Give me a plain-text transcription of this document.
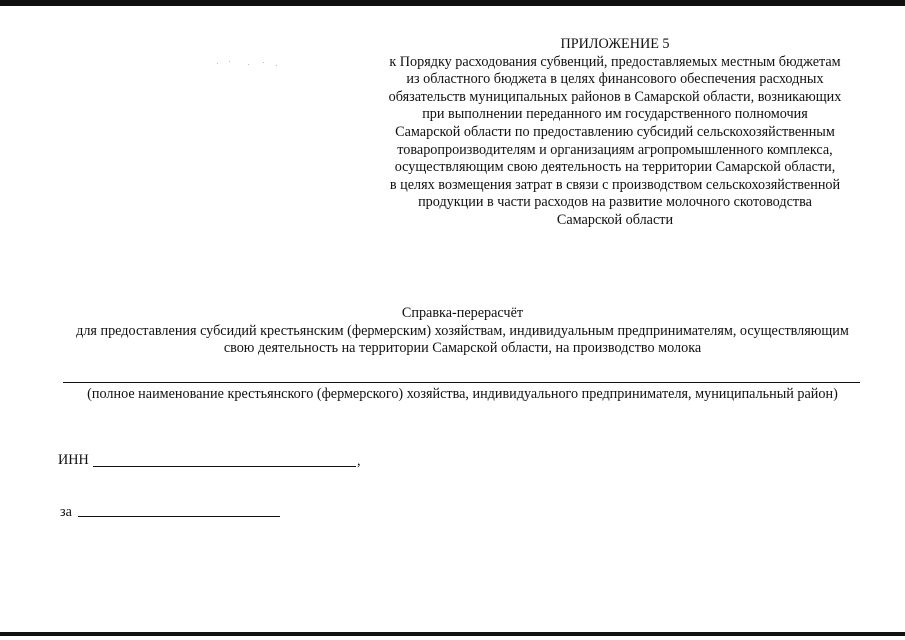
ПРИЛОЖЕНИЕ 5
к Порядку расходования субвенций, предоставляемых местным бюджетам
из областного бюджета в целях финансового обеспечения расходных
обязательств муниципальных районов в Самарской области, возникающих
при выполнении переданного им государственного полномочия
Самарской области по предоставлению субсидий сельскохозяйственным
товаропроизводителям и организациям агропромышленного комплекса,
осуществляющим свою деятельность на территории Самарской области,
в целях возмещения затрат в связи с производством сельскохозяйственной
продукции в части расходов на развитие молочного скотоводства
Самарской области
Справка-перерасчёт
для предоставления субсидий крестьянским (фермерским) хозяйствам, индивидуальным предпринимателям, осуществляющим
свою деятельность на территории Самарской области, на производство молока
(полное наименование крестьянского (фермерского) хозяйства, индивидуального предпринимателя, муниципальный район)
ИНН	,
за
